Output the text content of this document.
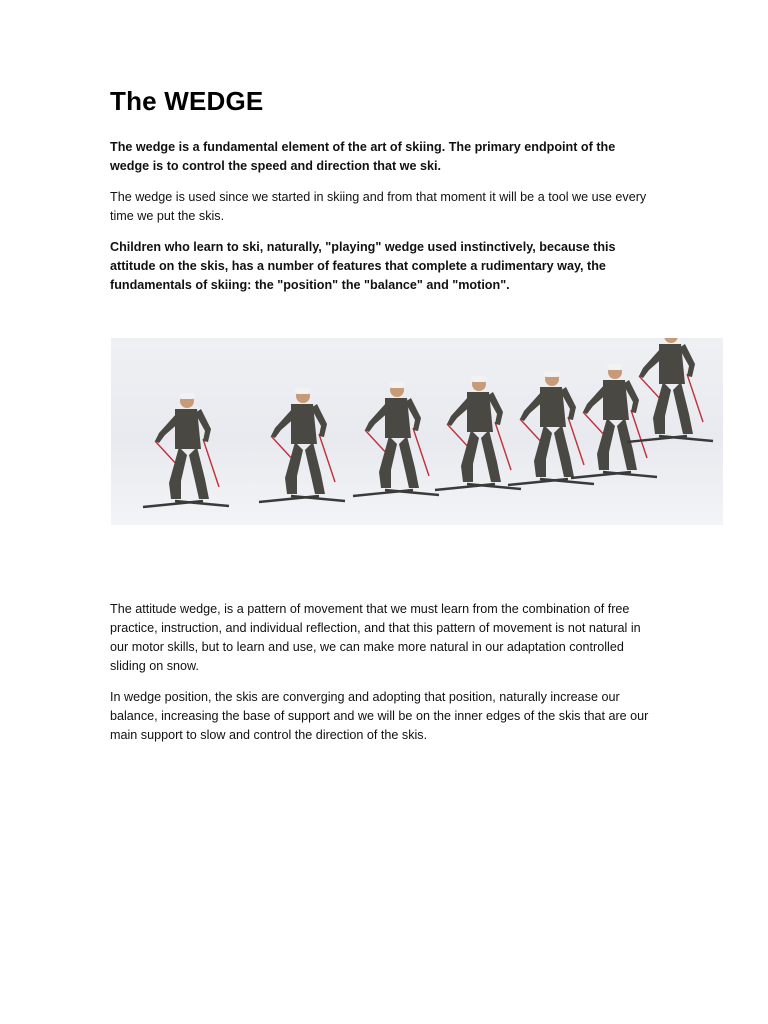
The WEDGE

The wedge is a fundamental element of the art of skiing. The primary endpoint of the wedge is to control the speed and direction that we ski.

The wedge is used since we started in skiing and from that moment it will be a tool we use every time we put the skis.

Children who learn to ski, naturally, "playing" wedge used instinctively, because this attitude on the skis, has a number of features that complete a rudimentary way, the fundamentals of skiing: the "position" the "balance" and "motion".

The attitude wedge, is a pattern of movement that we must learn from the combination of free practice, instruction, and individual reflection, and that this pattern of movement is not natural in our motor skills, but to learn and use, we can make more natural in our adaptation controlled sliding on snow.

In wedge position, the skis are converging and adopting that position, naturally increase our balance, increasing the base of support and we will be on the inner edges of the skis that are our main support to slow and control the direction of the skis.
